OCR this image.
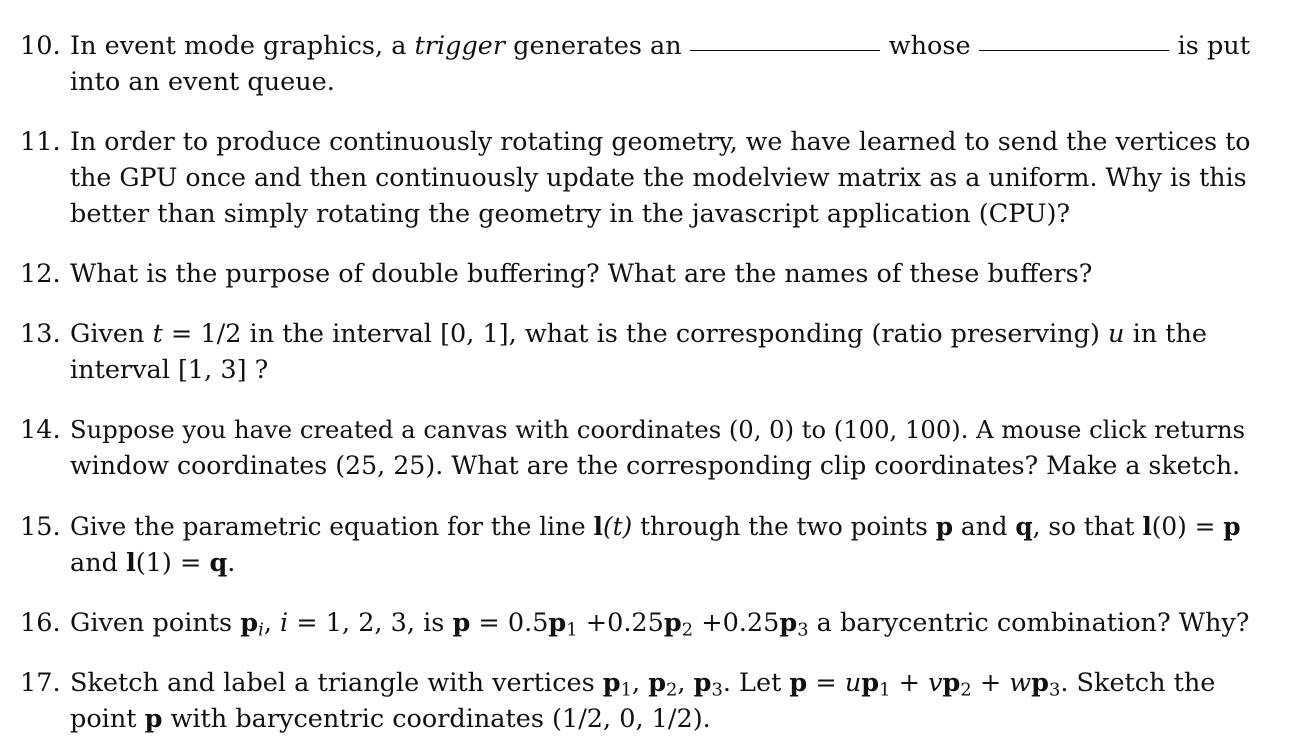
10. In event mode graphics, a trigger generates an	whose	is put
into an event queue.
11. In order to produce continuously rotating geometry, we have learned to send the vertices to
the GPU once and then continuously update the modelview matrix as a uniform. Why is this
better than simply rotating the geometry in the javascript application (CPU)?
12. What is the purpose of double buffering? What are the names of these buffers?
13. Given t = 1/2 in the interval [0, 1], what is the corresponding (ratio preserving) u in the
interval [1, 3] ?
14. Suppose you have created a canvas with coordinates (0, 0) to (100, 100). A mouse click returns
window coordinates (25, 25). What are the corresponding clip coordinates? Make a sketch.
15. Give the parametric equation for the line l(t) through the two points p and q, so that l(0) = p
and l(1) = q.
16. Given points $p_i$, i = 1, 2, 3, is $p = 0.5p_1 +0.25p_2 +0.25p_3$ a barycentric combination? Why?
17. Sketch and label a triangle with vertices $p_1$, $p_2$, $p_3$. Let $p = up_1 + vp_2 + wp_3$. Sketch the
point p with barycentric coordinates (1/2, 0, 1/2).
